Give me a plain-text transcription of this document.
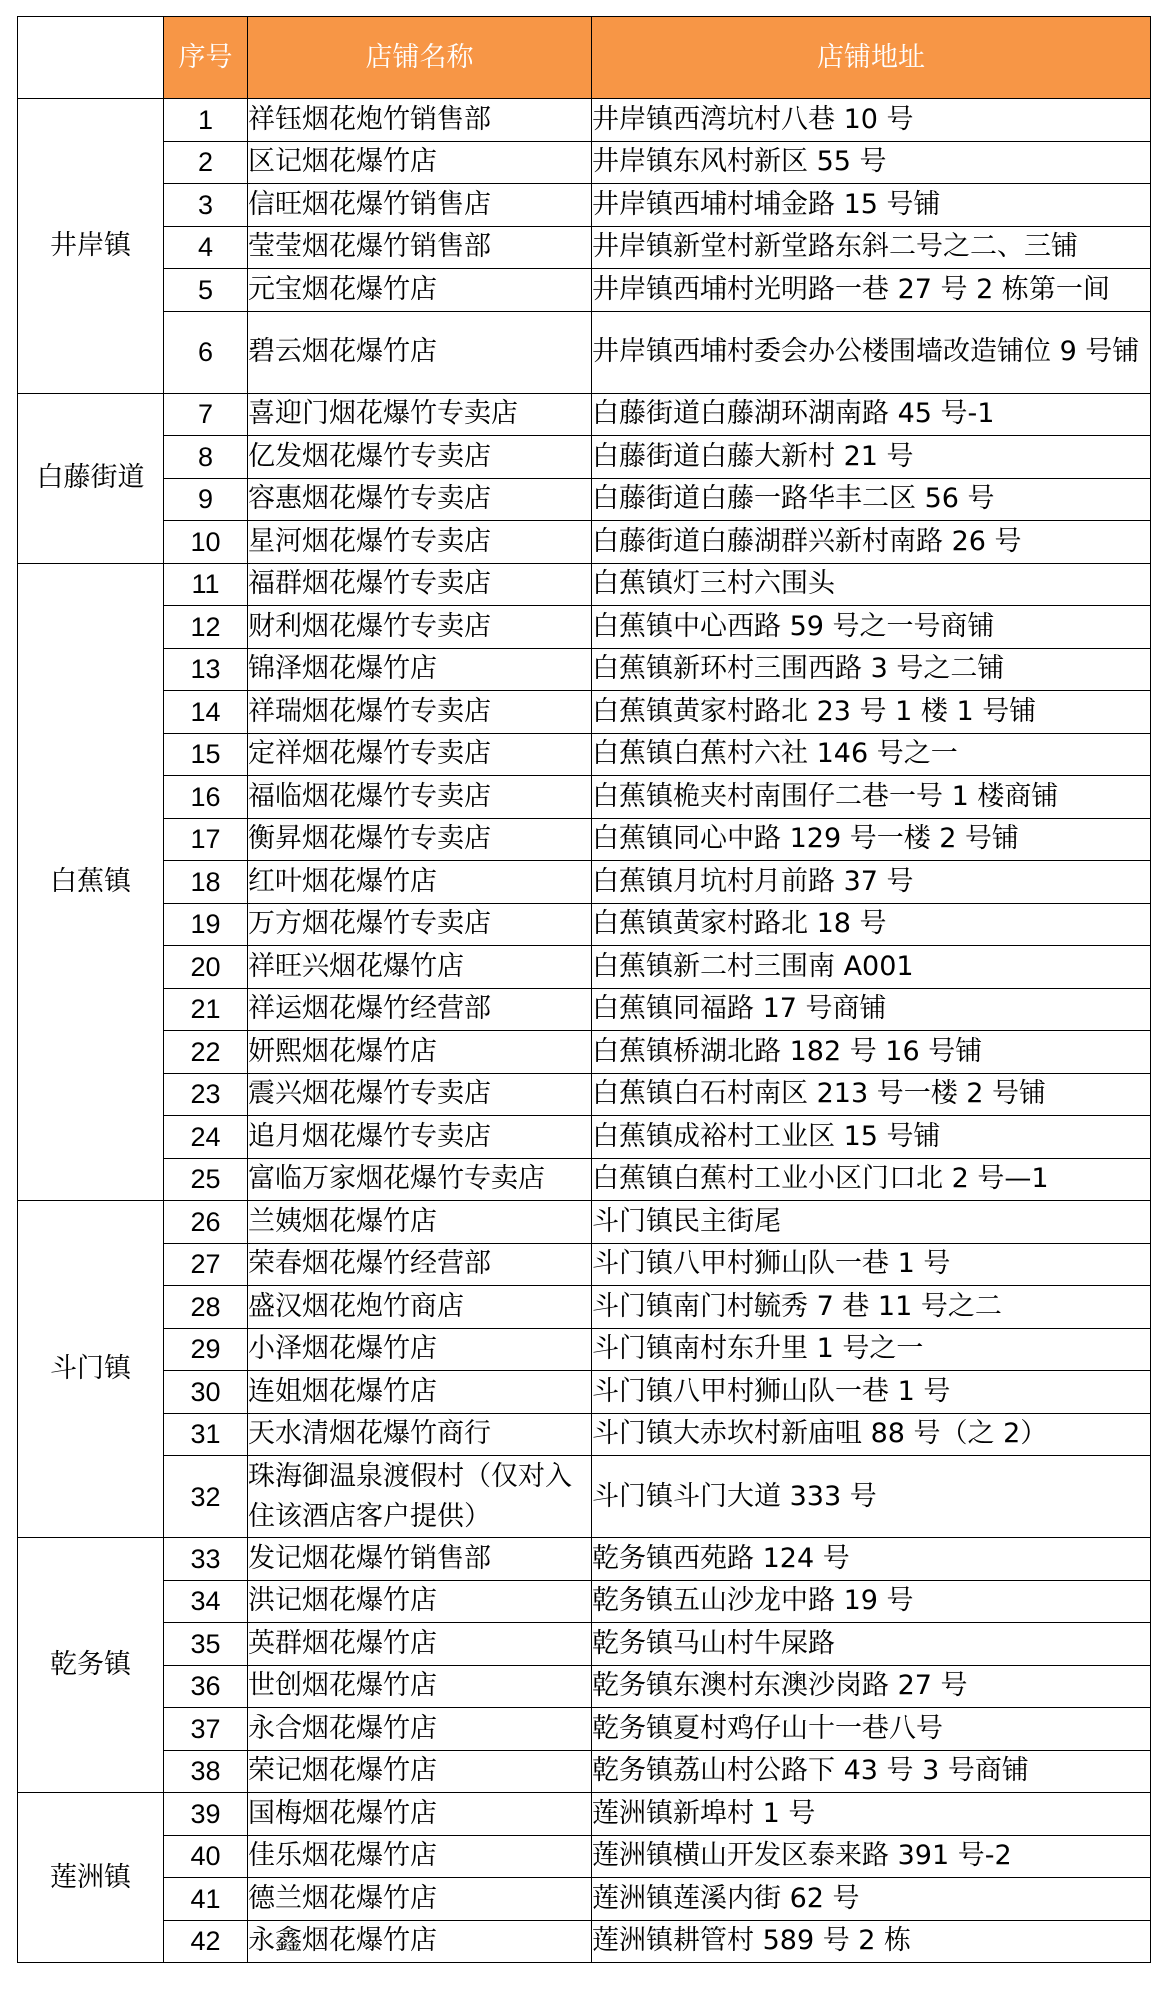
	序号	店铺名称	店铺地址
井岸镇	1	祥钰烟花炮竹销售部	井岸镇西湾坑村八巷 10 号
	2	区记烟花爆竹店	井岸镇东风村新区 55 号
	3	信旺烟花爆竹销售店	井岸镇西埔村埔金路 15 号铺
	4	莹莹烟花爆竹销售部	井岸镇新堂村新堂路东斜二号之二、三铺
	5	元宝烟花爆竹店	井岸镇西埔村光明路一巷 27 号 2 栋第一间
	6	碧云烟花爆竹店	井岸镇西埔村委会办公楼围墙改造铺位 9 号铺
白藤街道	7	喜迎门烟花爆竹专卖店	白藤街道白藤湖环湖南路 45 号-1
	8	亿发烟花爆竹专卖店	白藤街道白藤大新村 21 号
	9	容惠烟花爆竹专卖店	白藤街道白藤一路华丰二区 56 号
	10	星河烟花爆竹专卖店	白藤街道白藤湖群兴新村南路 26 号
白蕉镇	11	福群烟花爆竹专卖店	白蕉镇灯三村六围头
	12	财利烟花爆竹专卖店	白蕉镇中心西路 59 号之一号商铺
	13	锦泽烟花爆竹店	白蕉镇新环村三围西路 3 号之二铺
	14	祥瑞烟花爆竹专卖店	白蕉镇黄家村路北 23 号 1 楼 1 号铺
	15	定祥烟花爆竹专卖店	白蕉镇白蕉村六社 146 号之一
	16	福临烟花爆竹专卖店	白蕉镇桅夹村南围仔二巷一号 1 楼商铺
	17	衡昇烟花爆竹专卖店	白蕉镇同心中路 129 号一楼 2 号铺
	18	红叶烟花爆竹店	白蕉镇月坑村月前路 37 号
	19	万方烟花爆竹专卖店	白蕉镇黄家村路北 18 号
	20	祥旺兴烟花爆竹店	白蕉镇新二村三围南 A001
	21	祥运烟花爆竹经营部	白蕉镇同福路 17 号商铺
	22	妍熙烟花爆竹店	白蕉镇桥湖北路 182 号 16 号铺
	23	震兴烟花爆竹专卖店	白蕉镇白石村南区 213 号一楼 2 号铺
	24	追月烟花爆竹专卖店	白蕉镇成裕村工业区 15 号铺
	25	富临万家烟花爆竹专卖店	白蕉镇白蕉村工业小区门口北 2 号—1
斗门镇	26	兰姨烟花爆竹店	斗门镇民主街尾
	27	荣春烟花爆竹经营部	斗门镇八甲村狮山队一巷 1 号
	28	盛汉烟花炮竹商店	斗门镇南门村毓秀 7 巷 11 号之二
	29	小泽烟花爆竹店	斗门镇南村东升里 1 号之一
	30	连姐烟花爆竹店	斗门镇八甲村狮山队一巷 1 号
	31	天水清烟花爆竹商行	斗门镇大赤坎村新庙咀 88 号（之 2）
	32	珠海御温泉渡假村（仅对入住该酒店客户提供）	斗门镇斗门大道 333 号
乾务镇	33	发记烟花爆竹销售部	乾务镇西苑路 124 号
	34	洪记烟花爆竹店	乾务镇五山沙龙中路 19 号
	35	英群烟花爆竹店	乾务镇马山村牛屎路
	36	世创烟花爆竹店	乾务镇东澳村东澳沙岗路 27 号
	37	永合烟花爆竹店	乾务镇夏村鸡仔山十一巷八号
	38	荣记烟花爆竹店	乾务镇荔山村公路下 43 号 3 号商铺
莲洲镇	39	国梅烟花爆竹店	莲洲镇新埠村 1 号
	40	佳乐烟花爆竹店	莲洲镇横山开发区泰来路 391 号-2
	41	德兰烟花爆竹店	莲洲镇莲溪内街 62 号
	42	永鑫烟花爆竹店	莲洲镇耕管村 589 号 2 栋
